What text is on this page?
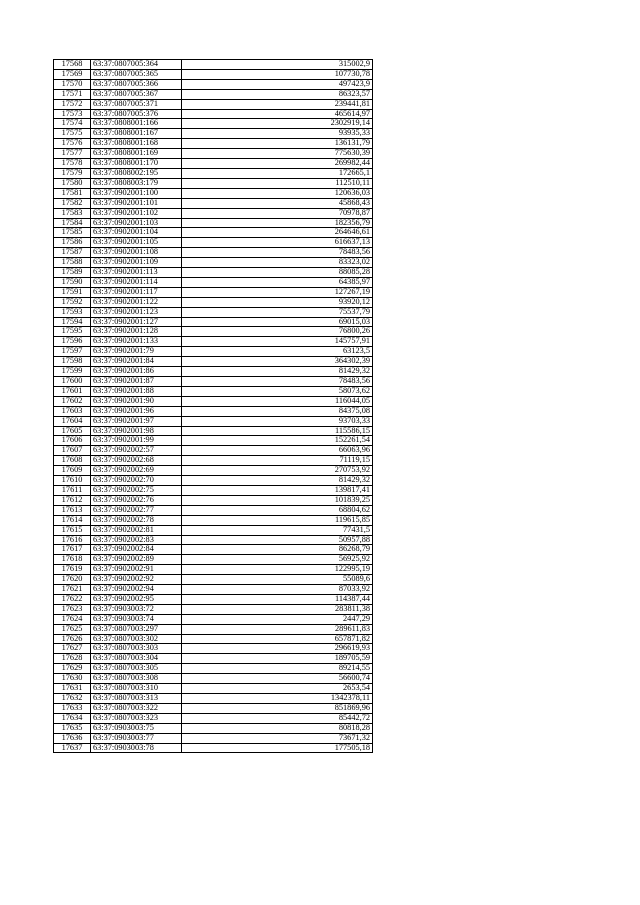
17568	63:37:0807005:364	315002,9
17569	63:37:0807005:365	107730,78
17570	63:37:0807005:366	497423,9
17571	63:37:0807005:367	86323,57
17572	63:37:0807005:371	239441,81
17573	63:37:0807005:376	465614,97
17574	63:37:0808001:166	2302919,14
17575	63:37:0808001:167	93935,33
17576	63:37:0808001:168	136131,79
17577	63:37:0808001:169	775630,39
17578	63:37:0808001:170	269982,44
17579	63:37:0808002:195	172665,1
17580	63:37:0808003:179	112510,11
17581	63:37:0902001:100	120636,03
17582	63:37:0902001:101	45868,43
17583	63:37:0902001:102	70978,87
17584	63:37:0902001:103	182356,79
17585	63:37:0902001:104	264646,61
17586	63:37:0902001:105	616637,13
17587	63:37:0902001:108	78483,56
17588	63:37:0902001:109	83323,02
17589	63:37:0902001:113	88085,28
17590	63:37:0902001:114	64385,97
17591	63:37:0902001:117	127267,19
17592	63:37:0902001:122	93920,12
17593	63:37:0902001:123	75537,79
17594	63:37:0902001:127	69015,03
17595	63:37:0902001:128	76800,26
17596	63:37:0902001:133	145757,91
17597	63:37:0902001:79	63123,5
17598	63:37:0902001:84	364302,39
17599	63:37:0902001:86	81429,32
17600	63:37:0902001:87	78483,56
17601	63:37:0902001:88	58073,62
17602	63:37:0902001:90	116044,05
17603	63:37:0902001:96	84375,08
17604	63:37:0902001:97	93703,33
17605	63:37:0902001:98	115586,15
17606	63:37:0902001:99	152261,54
17607	63:37:0902002:57	66063,96
17608	63:37:0902002:68	71119,15
17609	63:37:0902002:69	270753,92
17610	63:37:0902002:70	81429,32
17611	63:37:0902002:75	139817,41
17612	63:37:0902002:76	101839,25
17613	63:37:0902002:77	68804,62
17614	63:37:0902002:78	119615,85
17615	63:37:0902002:81	77431,5
17616	63:37:0902002:83	50957,88
17617	63:37:0902002:84	86268,79
17618	63:37:0902002:89	56925,92
17619	63:37:0902002:91	122995,19
17620	63:37:0902002:92	55089,6
17621	63:37:0902002:94	87033,92
17622	63:37:0902002:95	114387,44
17623	63:37:0903003:72	283811,38
17624	63:37:0903003:74	2447,29
17625	63:37:0807003:297	289611,83
17626	63:37:0807003:302	657871,82
17627	63:37:0807003:303	296619,93
17628	63:37:0807003:304	189705,59
17629	63:37:0807003:305	89214,55
17630	63:37:0807003:308	56600,74
17631	63:37:0807003:310	2653,54
17632	63:37:0807003:313	1342378,11
17633	63:37:0807003:322	851869,96
17634	63:37:0807003:323	85442,72
17635	63:37:0903003:75	80818,28
17636	63:37:0903003:77	73671,32
17637	63:37:0903003:78	177505,18
